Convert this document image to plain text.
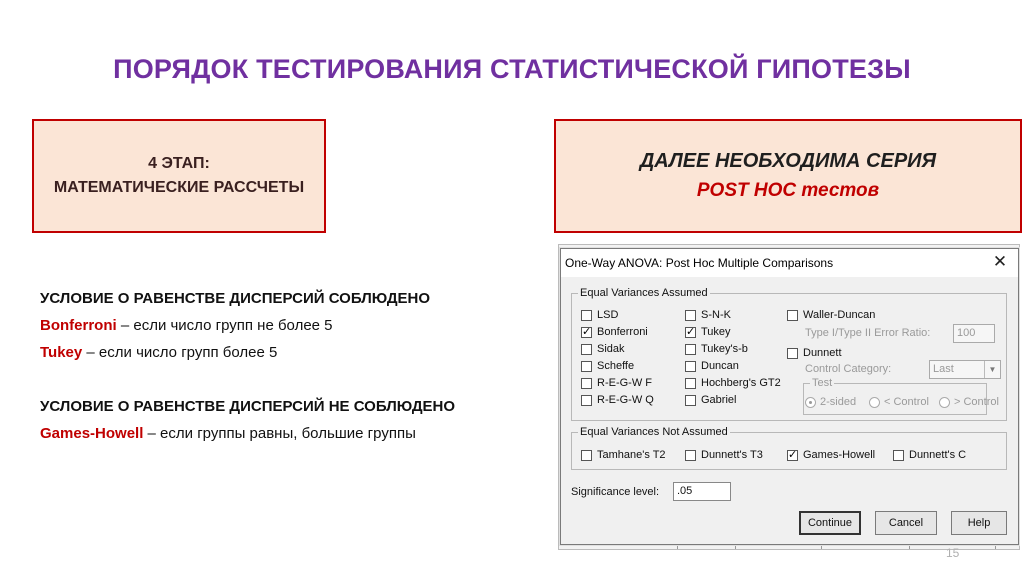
ПОРЯДОК ТЕСТИРОВАНИЯ СТАТИСТИЧЕСКОЙ ГИПОТЕЗЫ
4 ЭТАП:
МАТЕМАТИЧЕСКИЕ РАССЧЕТЫ
ДАЛЕЕ НЕОБХОДИМА СЕРИЯ
POST HOC тестов
УСЛОВИЕ О РАВЕНСТВЕ ДИСПЕРСИЙ СОБЛЮДЕНО
Bonferroni – если число групп не более 5
Tukey – если число групп более 5
УСЛОВИЕ О РАВЕНСТВЕ ДИСПЕРСИЙ НЕ СОБЛЮДЕНО
Games-Howell – если группы равны, большие группы
One-Way ANOVA: Post Hoc Multiple Comparisons	✕
Equal Variances Assumed
LSD
✓
Bonferroni
Sidak
Scheffe
R-E-G-W F
R-E-G-W Q
S-N-K
✓
Tukey
Tukey's-b
Duncan
Hochberg's GT2
Gabriel
Waller-Duncan
Type I/Type II Error Ratio:	100
Dunnett
Control Category:	Last	▼
Test
2-sided	< Control > Control
Equal Variances Not Assumed
Tamhane's T2	Dunnett's T3
✓	Games-Howell	Dunnett's C
Significance level:	.05
Continue	Cancel	Help
15
